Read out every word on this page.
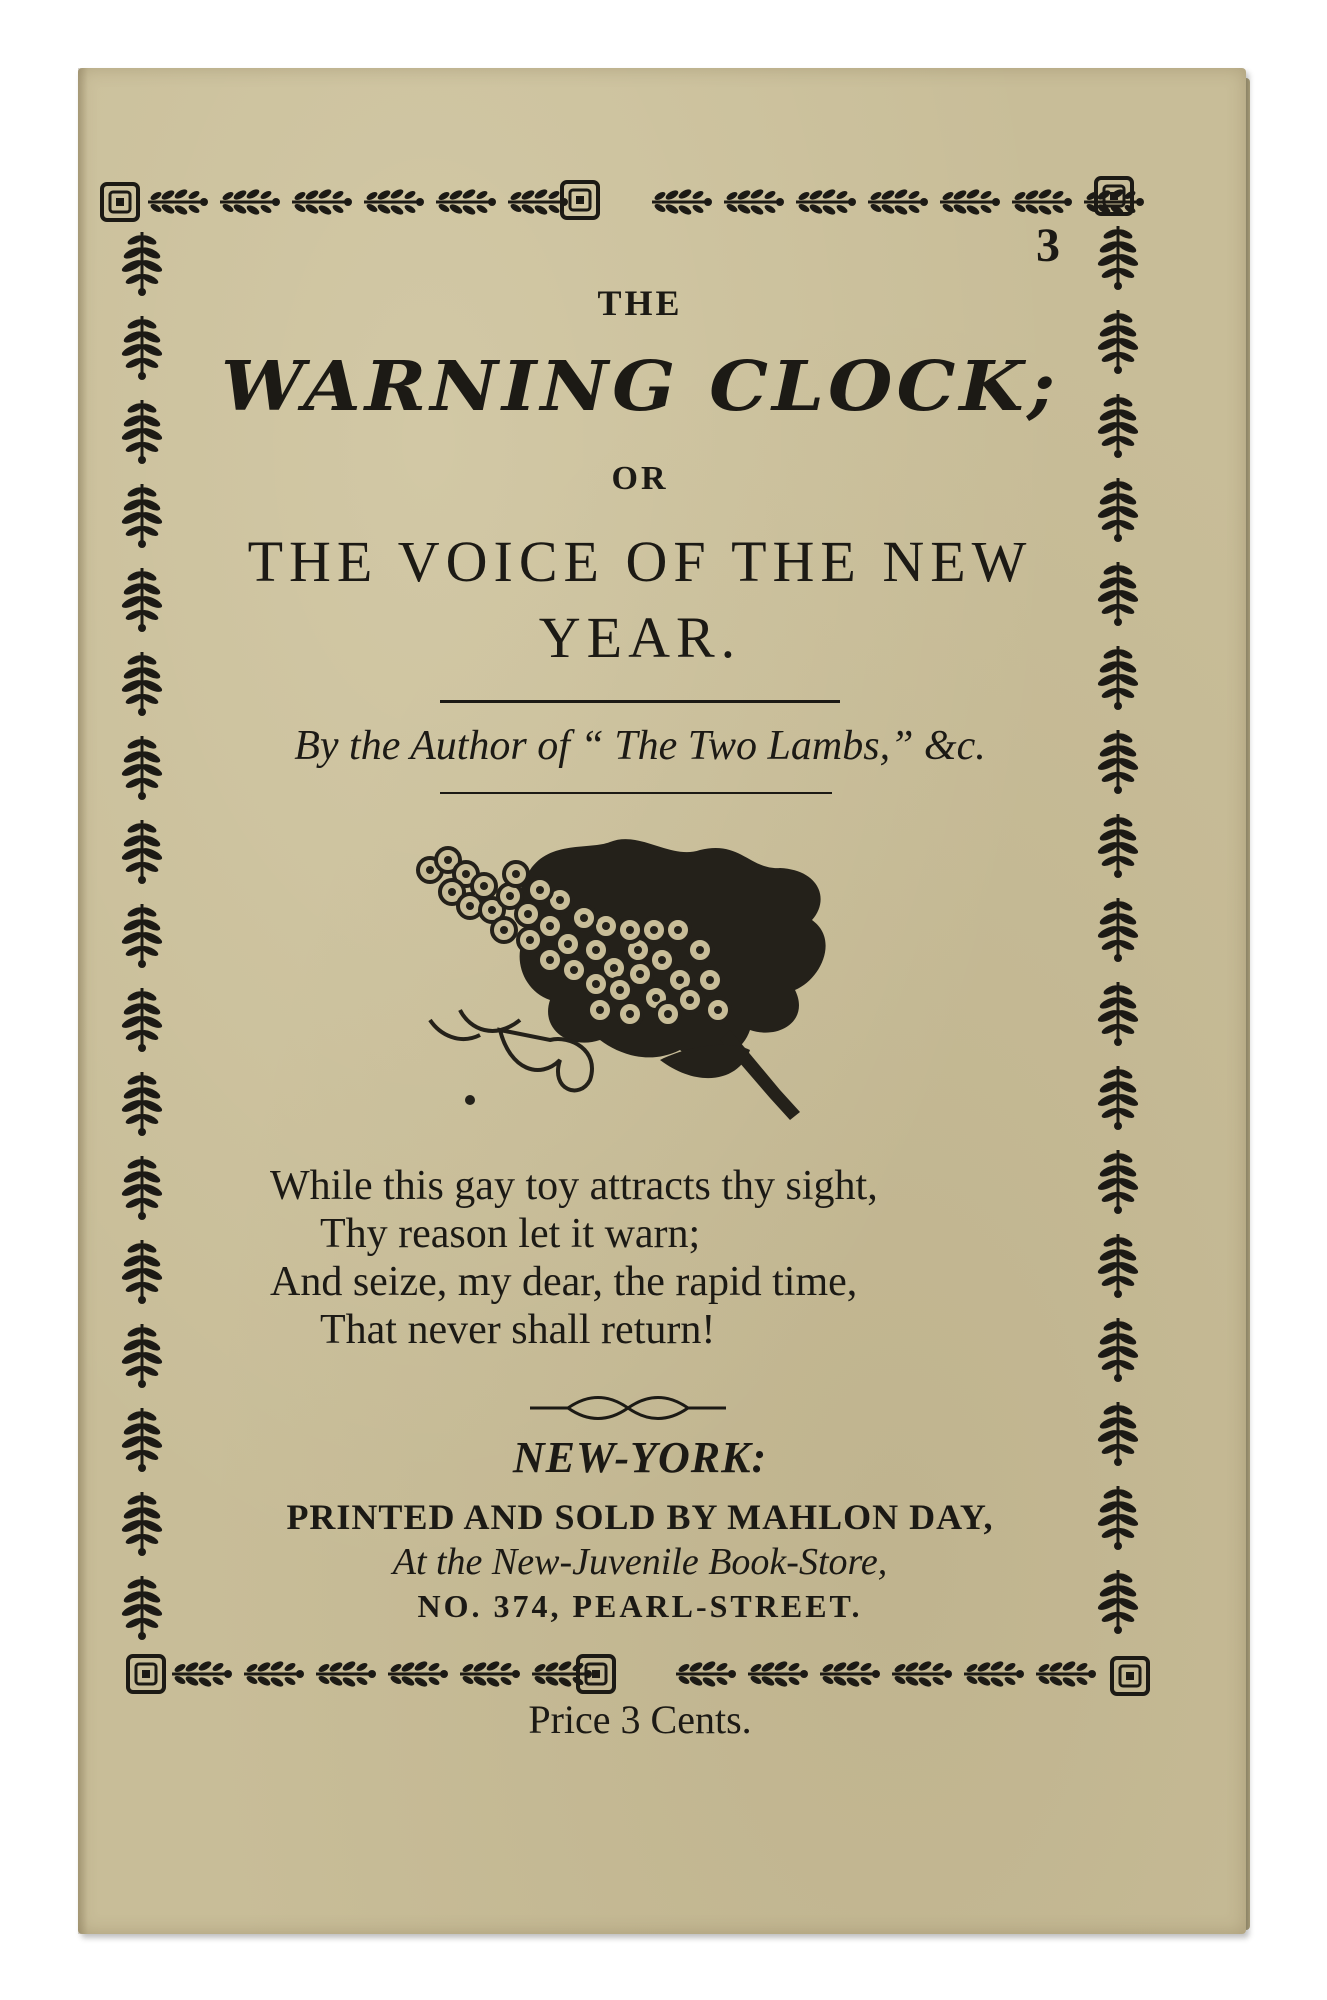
3
THE
WARNING CLOCK;
OR
THE VOICE OF THE NEW
YEAR.
By the Author of “ The Two Lambs,” &c.
While this gay toy attracts thy sight,
Thy reason let it warn;
And seize, my dear, the rapid time,
That never shall return!
NEW-YORK:
PRINTED AND SOLD BY MAHLON DAY,
At the New-Juvenile Book-Store,
NO. 374, PEARL-STREET.
Price 3 Cents.
